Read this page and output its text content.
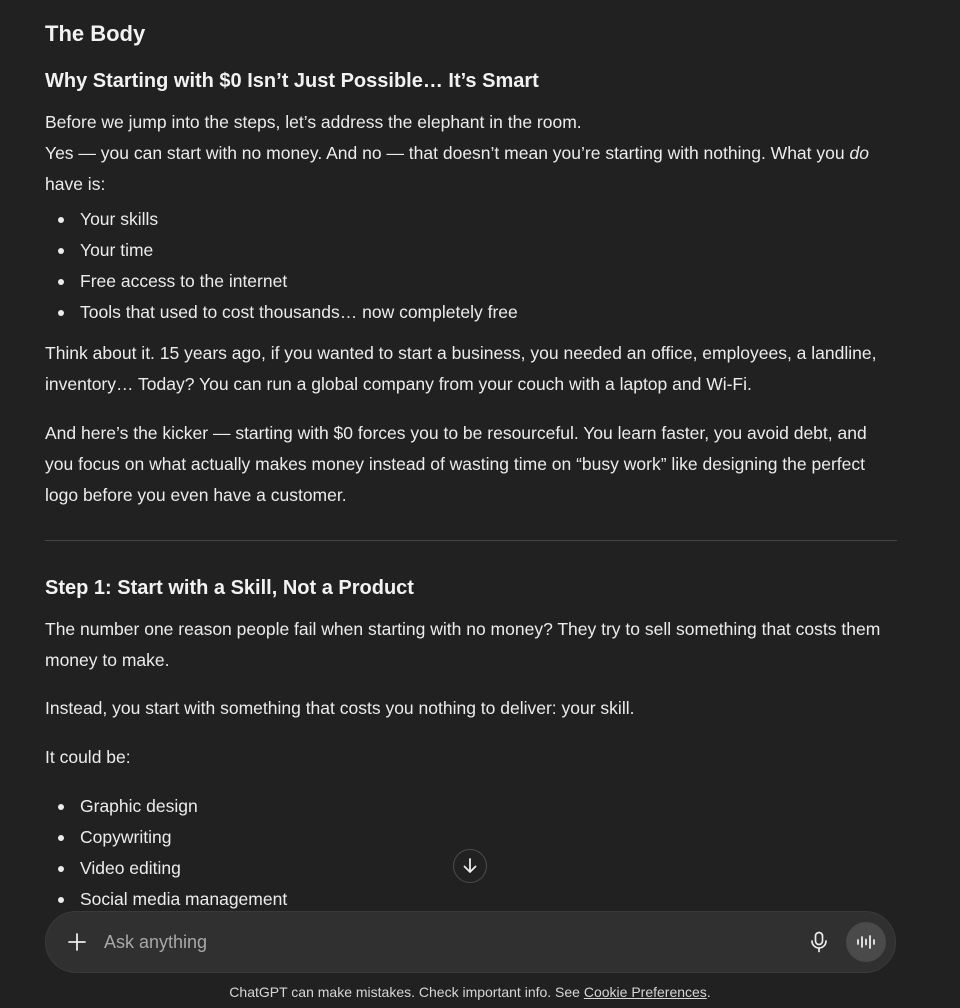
The Body
Why Starting with $0 Isn’t Just Possible… It’s Smart

Before we jump into the steps, let’s address the elephant in the room.
Yes — you can start with no money. And no — that doesn’t mean you’re starting with nothing. What you do have is:

Your skills
Your time
Free access to the internet
Tools that used to cost thousands… now completely free

Think about it. 15 years ago, if you wanted to start a business, you needed an office, employees, a landline, inventory… Today? You can run a global company from your couch with a laptop and Wi-Fi.

And here’s the kicker — starting with $0 forces you to be resourceful. You learn faster, you avoid debt, and you focus on what actually makes money instead of wasting time on “busy work” like designing the perfect logo before you even have a customer.

Step 1: Start with a Skill, Not a Product

The number one reason people fail when starting with no money? They try to sell something that costs them money to make.

Instead, you start with something that costs you nothing to deliver: your skill.

It could be:

Graphic design
Copywriting
Video editing
Social media management
Ask anything
ChatGPT can make mistakes. Check important info. See Cookie Preferences.
